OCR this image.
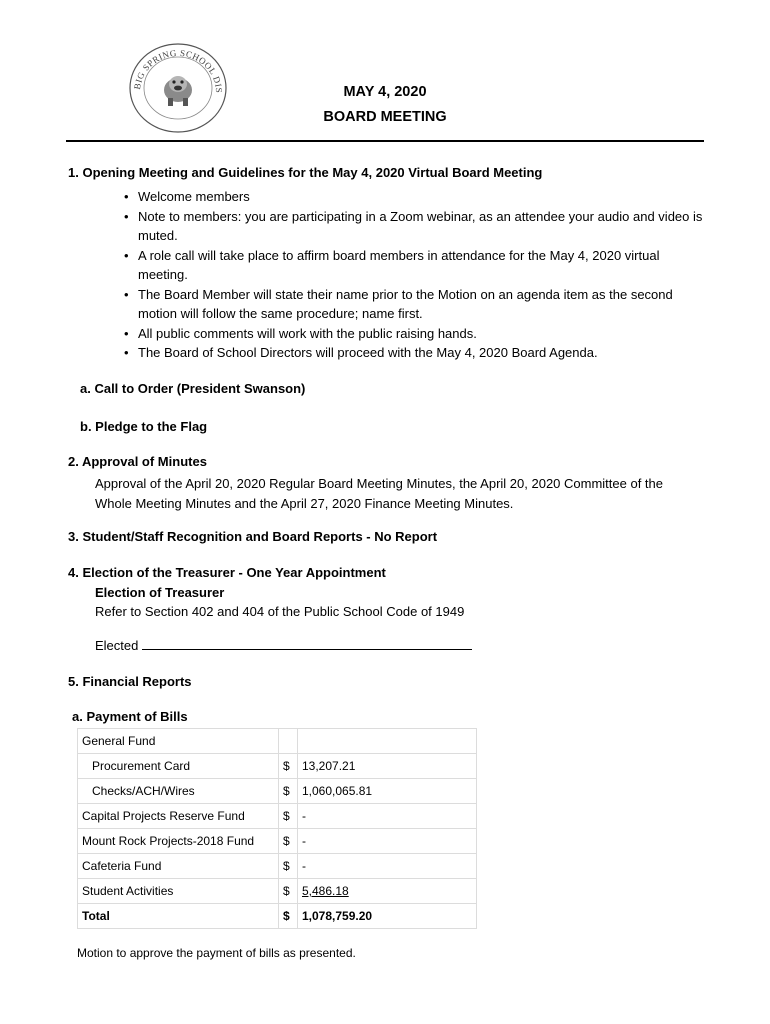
BIG SPRING SCHOOL DIS	MAY 4, 2020
BOARD MEETING
1. Opening Meeting and Guidelines for the May 4, 2020 Virtual Board Meeting
• Welcome members
• Note to members: you are participating in a Zoom webinar, as an attendee your audio and video is muted.
• A role call will take place to affirm board members in attendance for the May 4, 2020 virtual meeting.
• The Board Member will state their name prior to the Motion on an agenda item as the second motion will follow the same procedure; name first.
• All public comments will work with the public raising hands.
• The Board of School Directors will proceed with the May 4, 2020 Board Agenda.
a. Call to Order (President Swanson)
b. Pledge to the Flag
2. Approval of Minutes
Approval of the April 20, 2020 Regular Board Meeting Minutes, the April 20, 2020 Committee of the Whole Meeting Minutes and the April 27, 2020 Finance Meeting Minutes.
3. Student/Staff Recognition and Board Reports - No Report
4. Election of the Treasurer - One Year Appointment
Election of Treasurer
Refer to Section 402 and 404 of the Public School Code of 1949
Elected
5. Financial Reports
a. Payment of Bills
General Fund		
Procurement Card	$	13,207.21
Checks/ACH/Wires	$	1,060,065.81
Capital Projects Reserve Fund	$	-
Mount Rock Projects-2018 Fund	$	-
Cafeteria Fund	$	-
Student Activities	$	5,486.18
Total	$	1,078,759.20
Motion to approve the payment of bills as presented.
